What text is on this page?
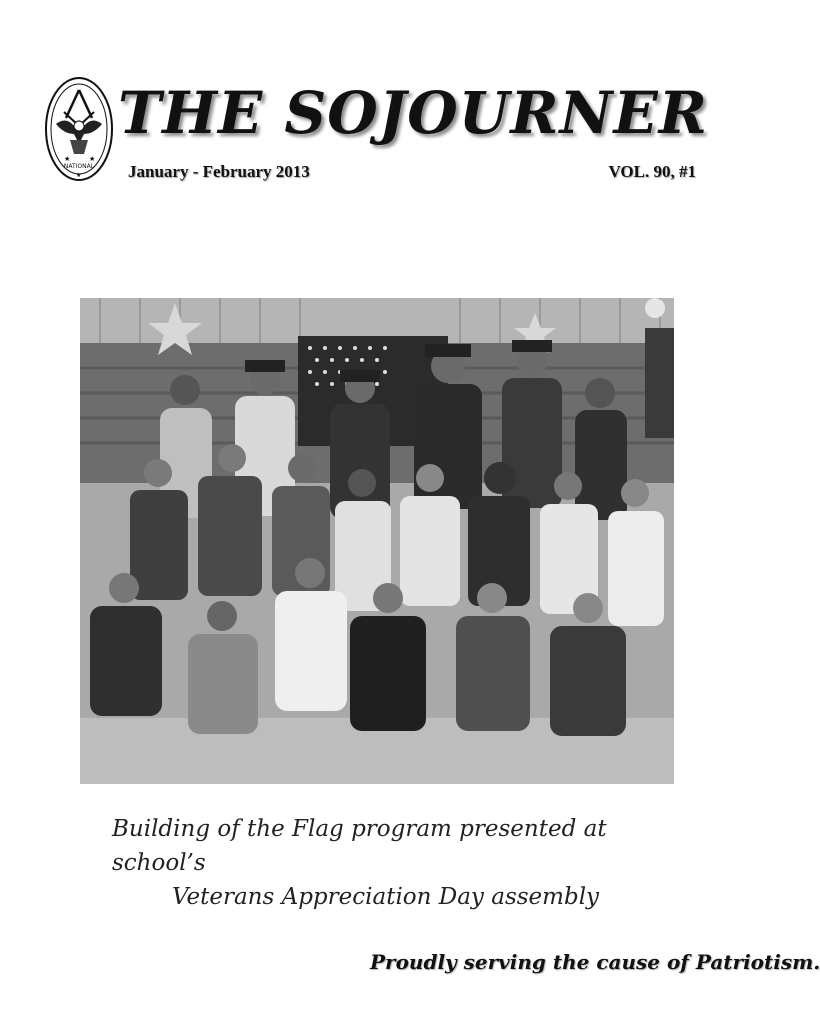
NATIONAL
★	★
★
THE SOJOURNER
January - February 2013	VOL. 90, #1
Building of the Flag program presented at school’s
Veterans Appreciation Day assembly
Proudly serving the cause of Patriotism.
